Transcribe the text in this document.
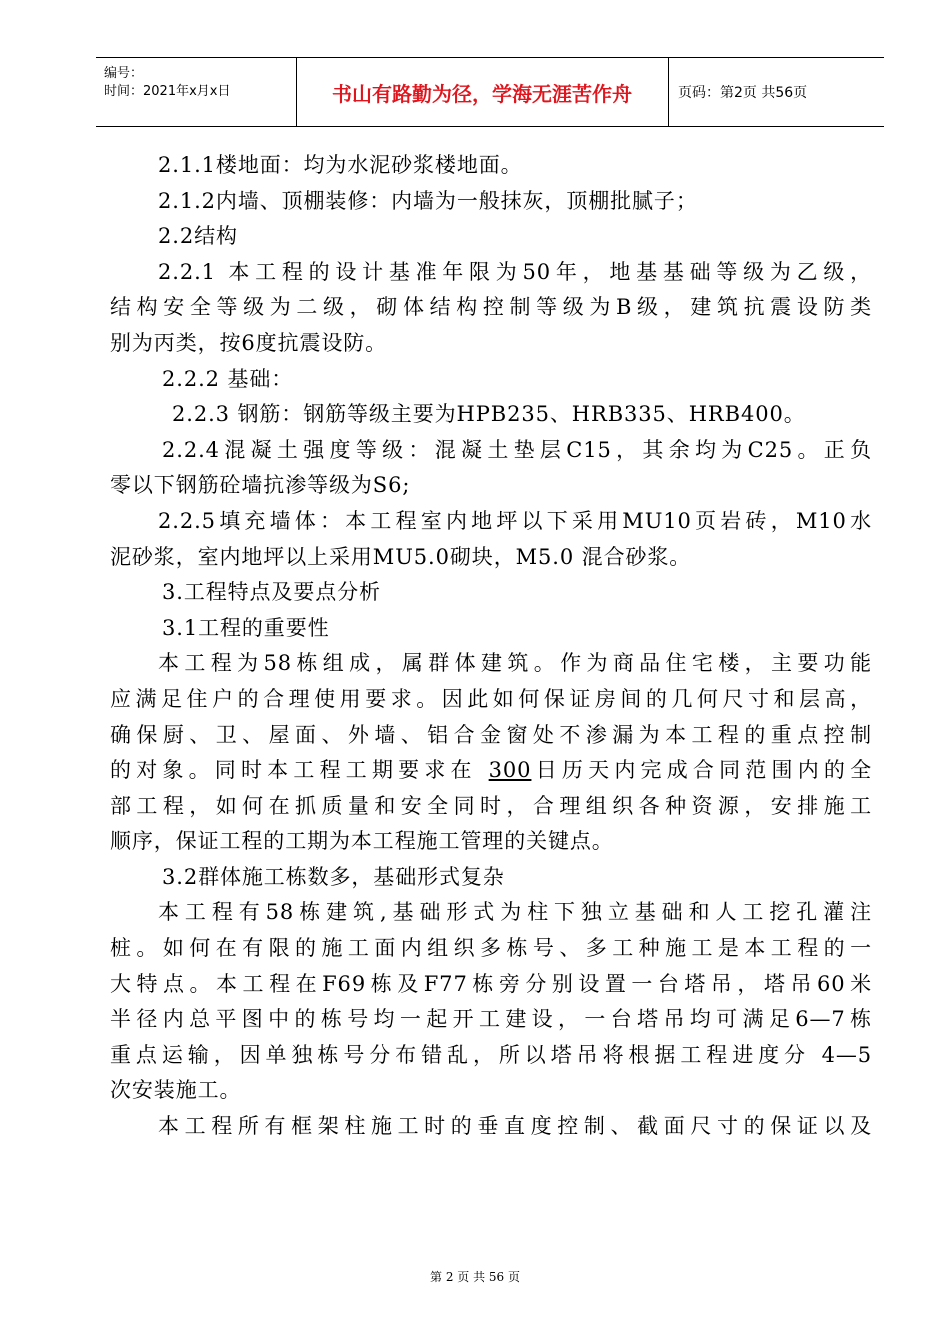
编号：
时间：2021年x月x日	书山有路勤为径，学海无涯苦作舟	页码：第2页 共56页

2.1.1楼地面：均为水泥砂浆楼地面。

2.1.2内墙、顶棚装修：内墙为一般抹灰，顶棚批腻子；

2.2结构

2.2.1 本工程的设计基准年限为50年，地基基础等级为乙级，

结构安全等级为二级，砌体结构控制等级为B级，建筑抗震设防类

别为丙类，按6度抗震设防。

2.2.2 基础：

2.2.3 钢筋：钢筋等级主要为HPB235、HRB335、HRB400。

2.2.4混凝土强度等级：混凝土垫层C15，其余均为C25。正负

零以下钢筋砼墙抗渗等级为S6;

2.2.5填充墙体：本工程室内地坪以下采用MU10页岩砖，M10水

泥砂浆，室内地坪以上采用MU5.0砌块，M5.0 混合砂浆。

3.工程特点及要点分析

3.1工程的重要性

本工程为58栋组成，属群体建筑。作为商品住宅楼，主要功能

应满足住户的合理使用要求。因此如何保证房间的几何尺寸和层高，

确保厨、卫、屋面、外墙、铝合金窗处不渗漏为本工程的重点控制

的对象。同时本工程工期要求在 300日历天内完成合同范围内的全

部工程，如何在抓质量和安全同时，合理组织各种资源，安排施工

顺序，保证工程的工期为本工程施工管理的关键点。

3.2群体施工栋数多，基础形式复杂

本工程有58栋建筑,基础形式为柱下独立基础和人工挖孔灌注

桩。如何在有限的施工面内组织多栋号、多工种施工是本工程的一

大特点。本工程在F69栋及F77栋旁分别设置一台塔吊，塔吊60米

半径内总平图中的栋号均一起开工建设，一台塔吊均可满足6—7栋

重点运输，因单独栋号分布错乱，所以塔吊将根据工程进度分 4—5

次安装施工。

本工程所有框架柱施工时的垂直度控制、截面尺寸的保证以及

第 2 页 共 56 页
